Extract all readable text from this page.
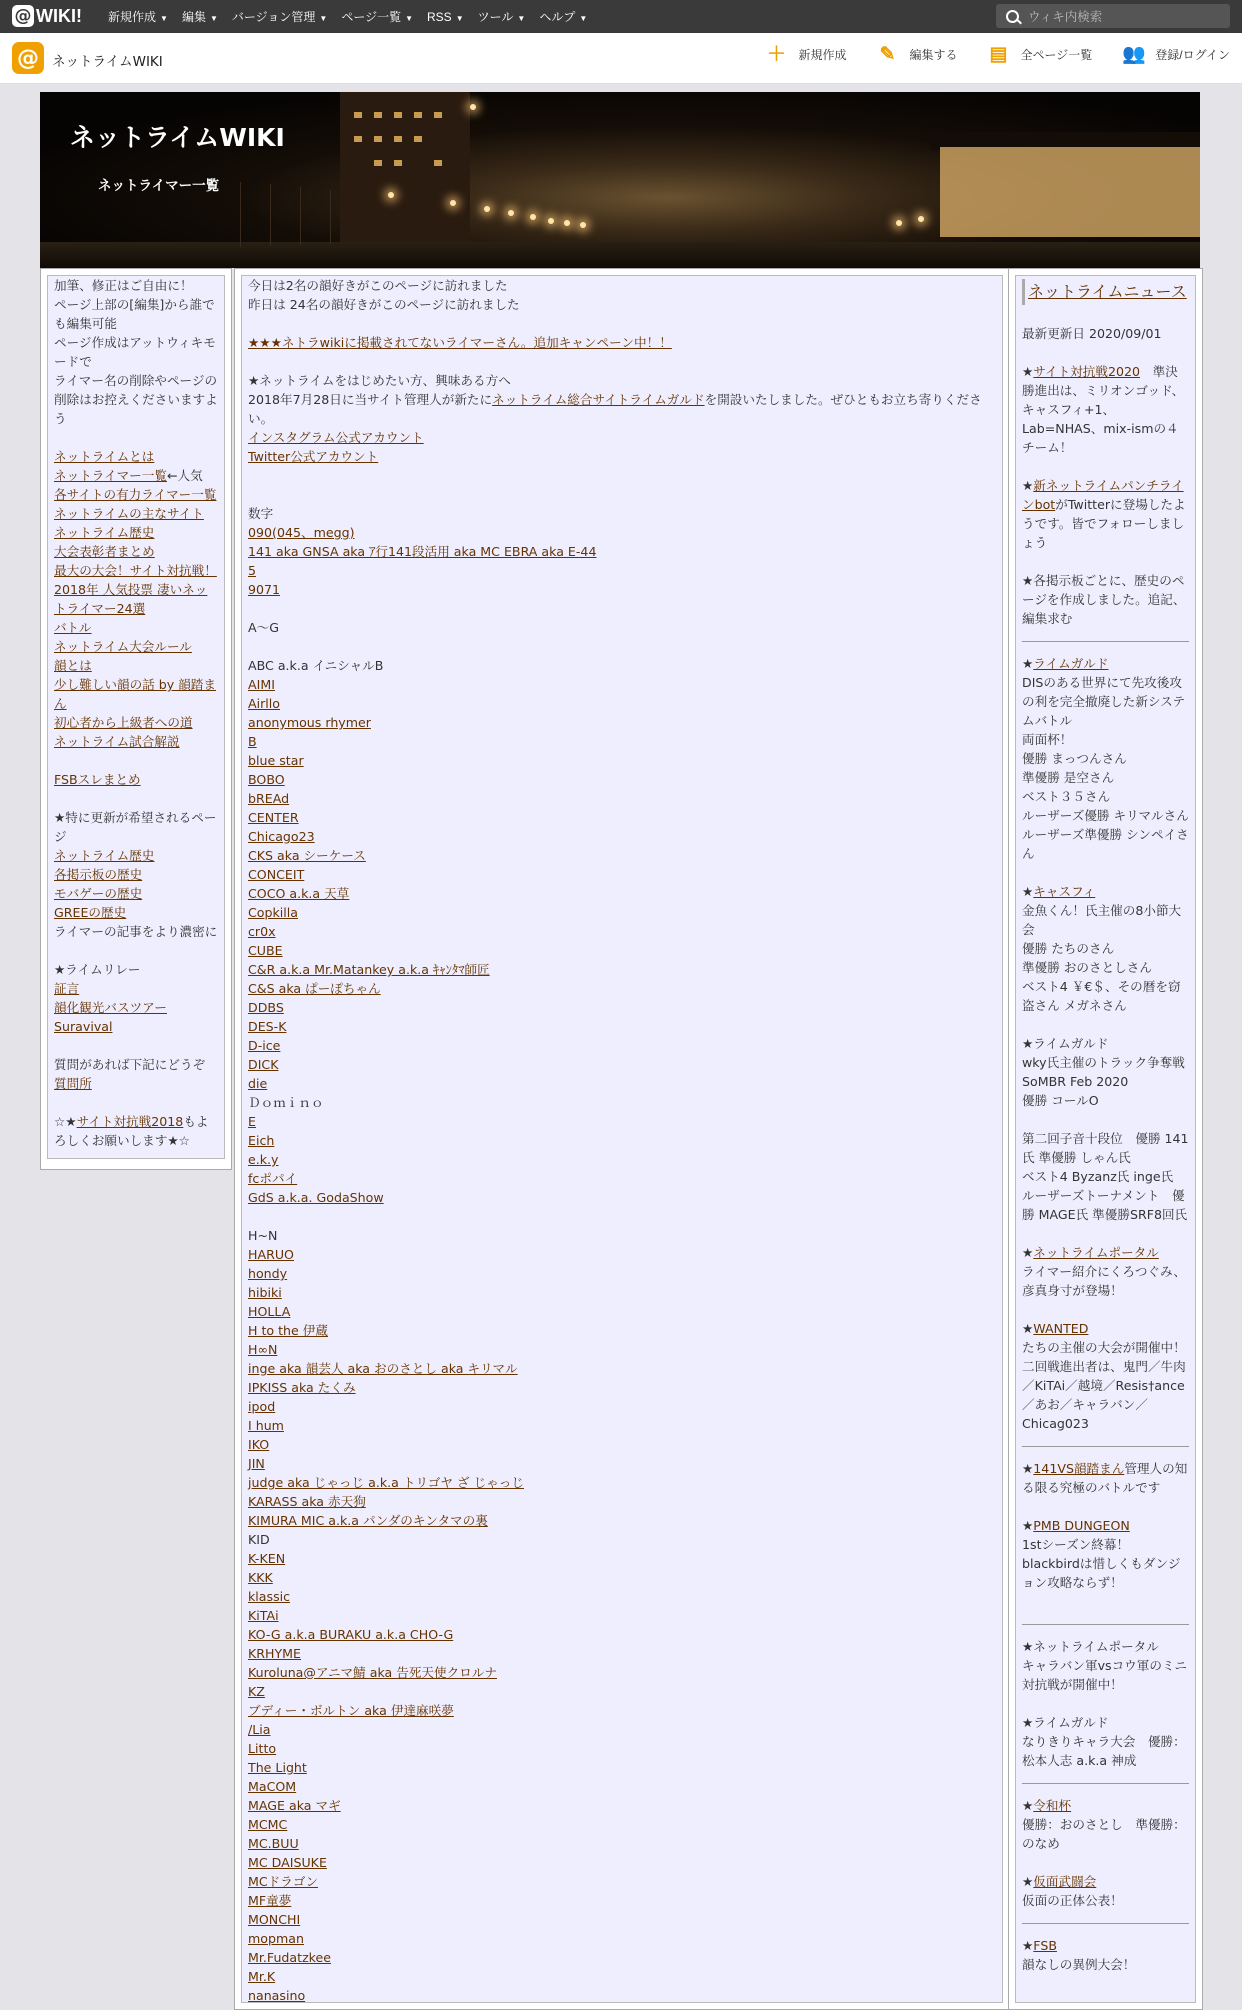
@ WIKI! 新規作成 ▼ 編集 ▼ バージョン管理 ▼ ページ一覧 ▼ RSS ▼ ツール ▼ ヘルプ ▼
ウィキ内検索
@ ネットライムWIKI	＋ 新規作成 ✎ 編集する ▤ 全ページ一覧 👥 登録/ログイン
ネットライムWIKI
ネットライマー一覧
加筆、修正はご自由に！
ページ上部の[編集]から誰でも編集可能
ページ作成はアットウィキモードで
ライマー名の削除やページの削除はお控えくださいますよう
ネットライムとは
ネットライマー一覧←人気
各サイトの有力ライマー一覧
ネットライムの主なサイト
ネットライム歴史
大会表彰者まとめ
最大の大会！サイト対抗戦！
2018年 人気投票 凄いネットライマー24選
バトル
ネットライム大会ルール
韻とは
少し難しい韻の話 by 韻踏まん
初心者から上級者への道
ネットライム試合解説
FSBスレまとめ
★特に更新が希望されるページ
ネットライム歴史
各掲示板の歴史
モバゲーの歴史
GREEの歴史
ライマーの記事をより濃密に
★ライムリレー
証言
韻化観光バスツアー
Suravival
質問があれば下記にどうぞ
質問所
☆★サイト対抗戦2018もよろしくお願いします★☆
今日は2名の韻好きがこのページに訪れました
昨日は 24名の韻好きがこのページに訪れました
★★★ネトラwikiに掲載されてないライマーさん。追加キャンペーン中！！
★ネットライムをはじめたい方、興味ある方へ
2018年7月28日に当サイト管理人が新たにネットライム総合サイトライムガルドを開設いたしました。ぜひともお立ち寄りください。
インスタグラム公式アカウント
Twitter公式アカウント
数字
090(045、megg)
141 aka GNSA aka ｱ行141段活用 aka MC EBRA aka E-44
5
9071
A～G
ABC a.k.a イニシャルB
AIMI
Airllo
anonymous rhymer
B
blue star
BOBO
bREAd
CENTER
Chicago23
CKS aka シーケース
CONCEIT
COCO a.k.a 天草
Copkilla
cr0x
CUBE
C&R a.k.a Mr.Matankey a.k.a ｷｬﾝﾀﾏ師匠
C&S aka ぱーぽちゃん
DDBS
DES-K
D-ice
DICK
die
Ｄｏｍｉｎｏ
E
Eich
e.k.y
fcポパイ
GdS a.k.a. GodaShow
H~N
HARUO
hondy
hibiki
HOLLA
H to the 伊蔵
H∞N
inge aka 韻芸人 aka おのさとし aka キリマル
IPKISS aka たくみ
ipod
I hum
IKO
JIN
judge aka じゃっじ a.k.a トリゴヤ ざ じゃっじ
KARASS aka 赤天狗
KIMURA MIC a.k.a パンダのキンタマの裏
KID
K-KEN
KKK
klassic
KiTAi
KO-G a.k.a BURAKU a.k.a CHO-G
KRHYME
Kuroluna@アニマ鯖 aka 告死天使クロルナ
KZ
ブディー・ボルトン aka 伊達麻咲夢
/Lia
Litto
The Light
MaCOM
MAGE aka マギ
MCMC
MC.BUU
MC DAISUKE
MCドラゴン
MF童夢
MONCHI
mopman
Mr.Fudatzkee
Mr.K
nanasino
ネットライムニュース
最新更新日 2020/09/01
★サイト対抗戦2020　準決勝進出は、ミリオンゴッド、キャスフィ+1、Lab=NHAS、mix-ismの４チーム！
★新ネットライムパンチラインbotがTwitterに登場したようです。皆でフォローしましょう
★各掲示板ごとに、歴史のページを作成しました。追記、編集求む
★ライムガルド
DISのある世界にて先攻後攻の利を完全撤廃した新システムバトル
両面杯！
優勝 まっつんさん
準優勝 是空さん
ベスト３５さん
ルーザーズ優勝 キリマルさん
ルーザーズ準優勝 シンペイさん
★キャスフィ
金魚くん！氏主催の8小節大会
優勝 たちのさん
準優勝 おのさとしさん
ベスト4 ￥€＄、その暦を窃盗さん メガネさん
★ライムガルド
wky氏主催のトラック争奪戦 SoMBR Feb 2020
優勝 コールO
第二回子音十段位　優勝 141氏 準優勝 しゃん氏
ベスト4 Byzanz氏 inge氏
ルーザーズトーナメント　優勝 MAGE氏 準優勝SRF8回氏
★ネットライムポータル
ライマー紹介にくろつぐみ、彦真身寸が登場！
★WANTED
たちの主催の大会が開催中！二回戦進出者は、鬼門／牛肉／KiTAi／越境／Resis†ance／あお／キャラバン／Chicag023
★141VS韻踏まん管理人の知る限る究極のバトルです
★PMB DUNGEON
1stシーズン終幕！ blackbirdは惜しくもダンジョン攻略ならず！
★ネットライムポータル
キャラバン軍vsコウ軍のミニ対抗戦が開催中！
★ライムガルド
なりきりキャラ大会　優勝：松本人志 a.k.a 神成
★令和杯
優勝：おのさとし　準優勝：のなめ
★仮面武闘会
仮面の正体公表！
★FSB
韻なしの異例大会！
